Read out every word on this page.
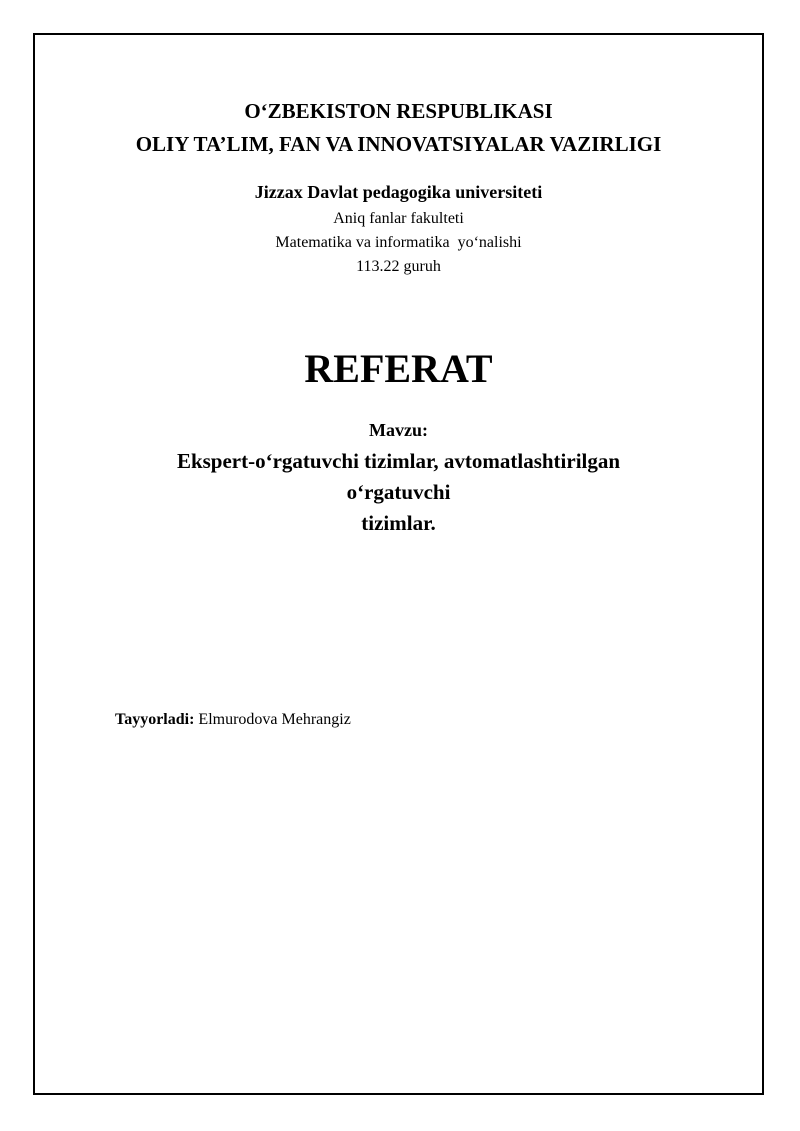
O‘ZBEKISTON RESPUBLIKASI
OLIY TA’LIM, FAN VA INNOVATSIYALAR VAZIRLIGI
Jizzax Davlat pedagogika universiteti
Aniq fanlar fakulteti
Matematika va informatika  yo‘nalishi
113.22 guruh
REFERAT
Mavzu:
Ekspert-o‘rgatuvchi tizimlar, avtomatlashtirilgan
o‘rgatuvchi
tizimlar.
Tayyorladi: Elmurodova Mehrangiz
